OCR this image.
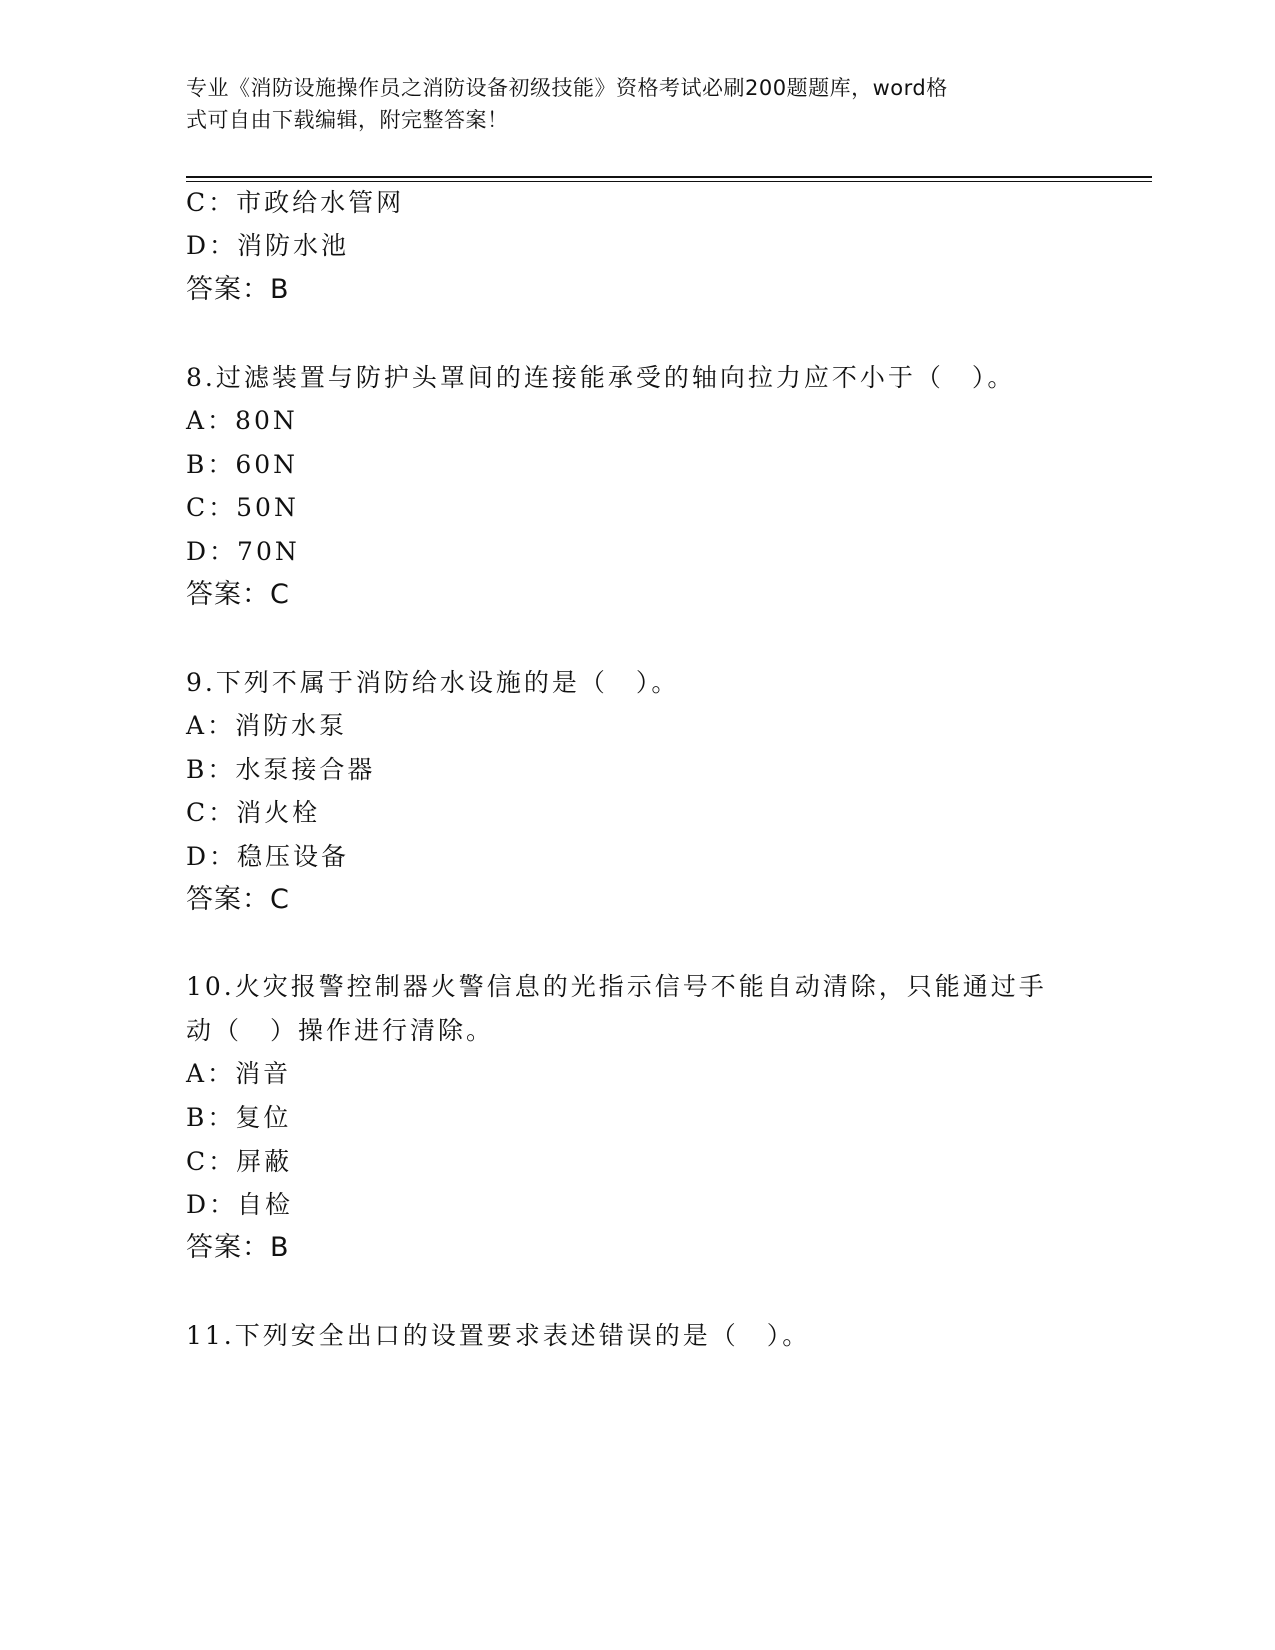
专业《消防设施操作员之消防设备初级技能》资格考试必刷200题题库，word格
式可自由下载编辑，附完整答案！
C：市政给水管网
D：消防水池
答案：B
8.过滤装置与防护头罩间的连接能承受的轴向拉力应不小于（　）。
A：80N
B：60N
C：50N
D：70N
答案：C
9.下列不属于消防给水设施的是（　）。
A：消防水泵
B：水泵接合器
C：消火栓
D：稳压设备
答案：C
10.火灾报警控制器火警信息的光指示信号不能自动清除，只能通过手
动（　）操作进行清除。
A：消音
B：复位
C：屏蔽
D：自检
答案：B
11.下列安全出口的设置要求表述错误的是（　）。
